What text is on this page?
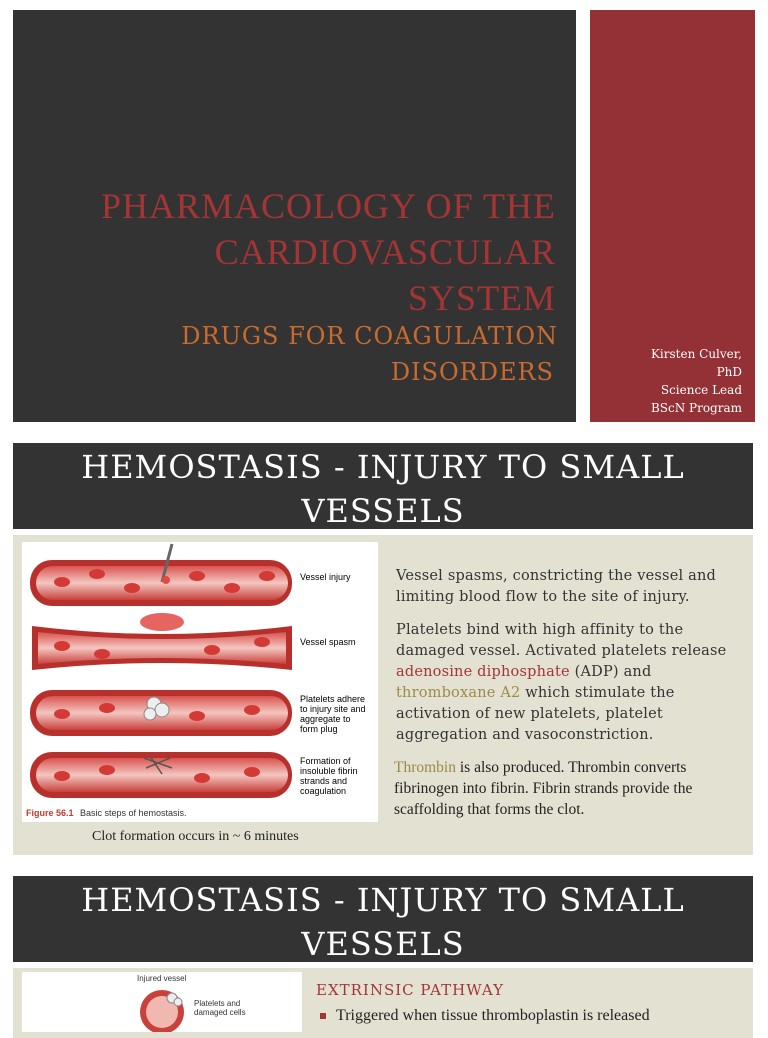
PHARMACOLOGY OF THE
CARDIOVASCULAR
SYSTEM
DRUGS FOR COAGULATION
DISORDERS
Kirsten Culver,
PhD
Science Lead
BScN Program
HEMOSTASIS - INJURY TO SMALL
VESSELS
Vessel injury
Vessel spasm
Platelets adhere to injury site and aggregate to form plug
Formation of insoluble fibrin strands and coagulation
Figure 56.1 Basic steps of hemostasis.
Clot formation occurs in ~ 6 minutes
Vessel spasms, constricting the vessel and limiting blood flow to the site of injury.
Platelets bind with high affinity to the damaged vessel. Activated platelets release adenosine diphosphate (ADP) and thromboxane A2 which stimulate the activation of new platelets, platelet aggregation and vasoconstriction.
Thrombin is also produced. Thrombin converts fibrinogen into fibrin. Fibrin strands provide the scaffolding that forms the clot.
HEMOSTASIS - INJURY TO SMALL
VESSELS
Injured vessel
Platelets and damaged cells
EXTRINSIC PATHWAY
Triggered when tissue thromboplastin is released
